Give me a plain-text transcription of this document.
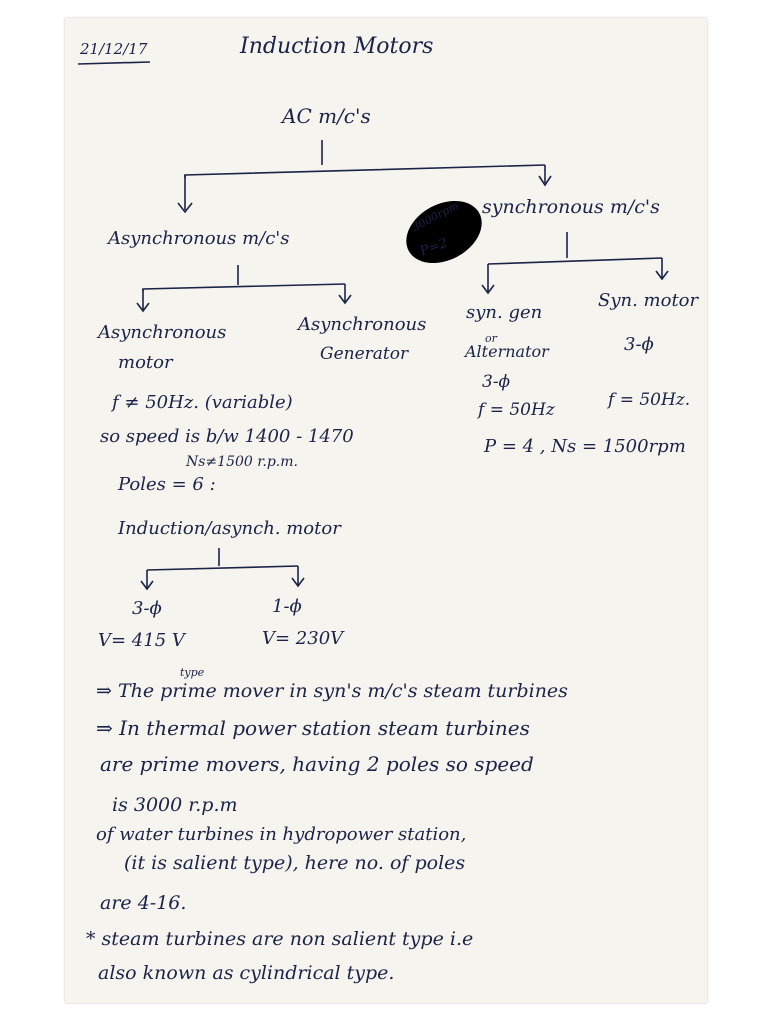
21/12/17	Induction Motors
AC m/c's
Asynchronous m/c's
synchronous m/c's
3000rpm
P=2
Asynchronous
motor
Asynchronous
Generator
syn. gen
or
Alternator
Syn. motor
3-ϕ
f ≠ 50Hz. (variable)
so speed is b/w 1400 - 1470
Ns≠1500 r.p.m.
Poles = 6 :
3-ϕ
f = 50Hz	f = 50Hz.
P = 4 , Ns = 1500rpm
Induction/asynch. motor
3-ϕ
V= 415 V
1-ϕ
V= 230V
type
⇒ The prime mover in syn's m/c's steam turbines
⇒ In thermal power station steam turbines
are prime movers, having 2 poles so speed
is 3000 r.p.m
of water turbines in hydropower station,
(it is salient type), here no. of poles
are 4-16.
* steam turbines are non salient type i.e
also known as cylindrical type.
